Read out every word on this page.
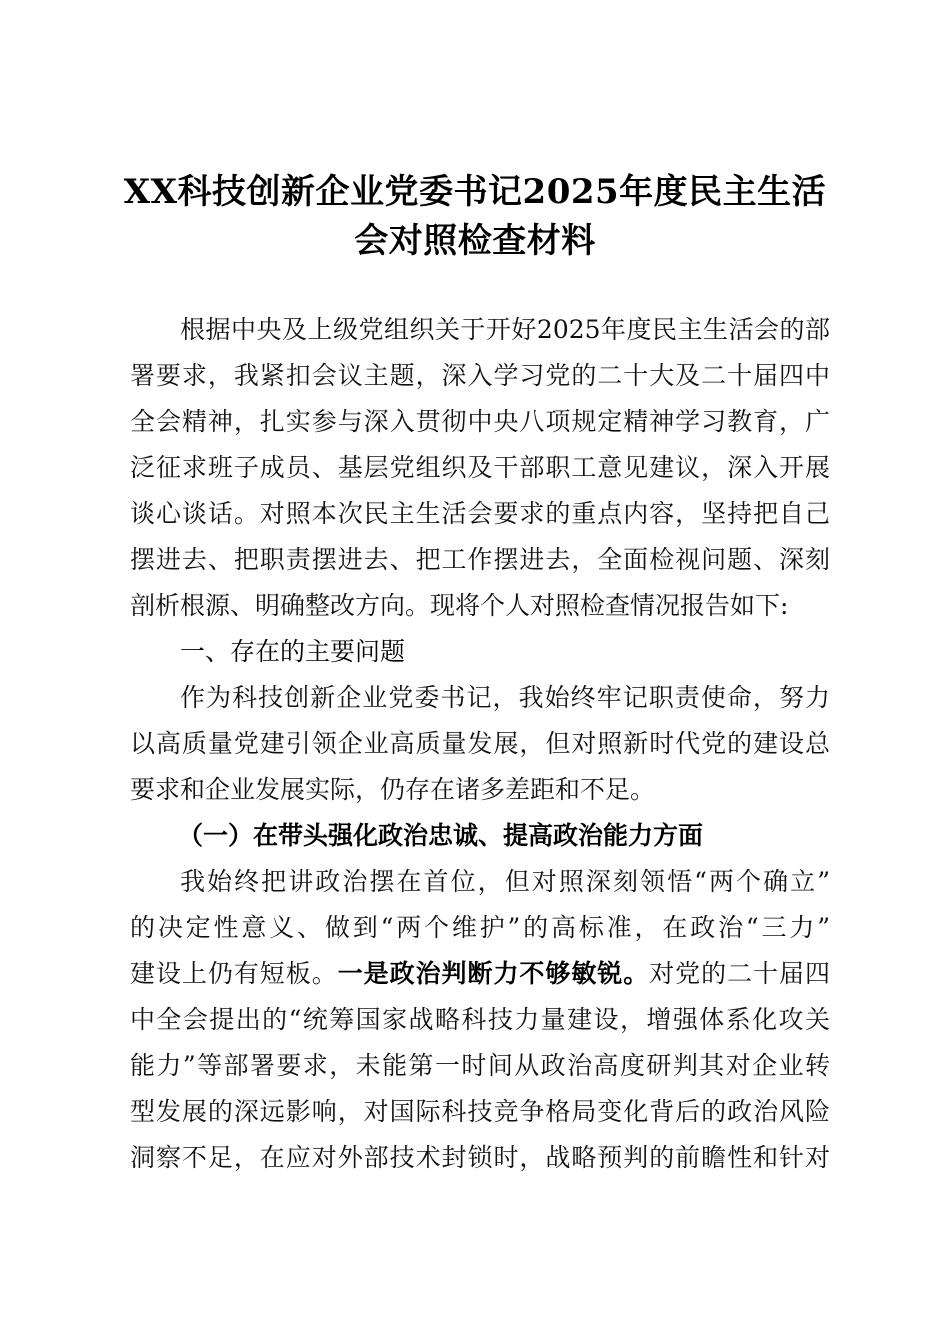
XX科技创新企业党委书记2025年度民主生活
会对照检查材料
根据中央及上级党组织关于开好2025年度民主生活会的部
署要求，我紧扣会议主题，深入学习党的二十大及二十届四中
全会精神，扎实参与深入贯彻中央八项规定精神学习教育，广
泛征求班子成员、基层党组织及干部职工意见建议，深入开展
谈心谈话。对照本次民主生活会要求的重点内容，坚持把自己
摆进去、把职责摆进去、把工作摆进去，全面检视问题、深刻
剖析根源、明确整改方向。现将个人对照检查情况报告如下:
一、存在的主要问题
作为科技创新企业党委书记，我始终牢记职责使命，努力
以高质量党建引领企业高质量发展，但对照新时代党的建设总
要求和企业发展实际，仍存在诸多差距和不足。
（一）在带头强化政治忠诚、提高政治能力方面
我始终把讲政治摆在首位，但对照深刻领悟“两个确立”
的决定性意义、做到“两个维护”的高标准，在政治“三力”
建设上仍有短板。一是政治判断力不够敏锐。对党的二十届四
中全会提出的“统筹国家战略科技力量建设，增强体系化攻关
能力”等部署要求，未能第一时间从政治高度研判其对企业转
型发展的深远影响，对国际科技竞争格局变化背后的政治风险
洞察不足，在应对外部技术封锁时，战略预判的前瞻性和针对
